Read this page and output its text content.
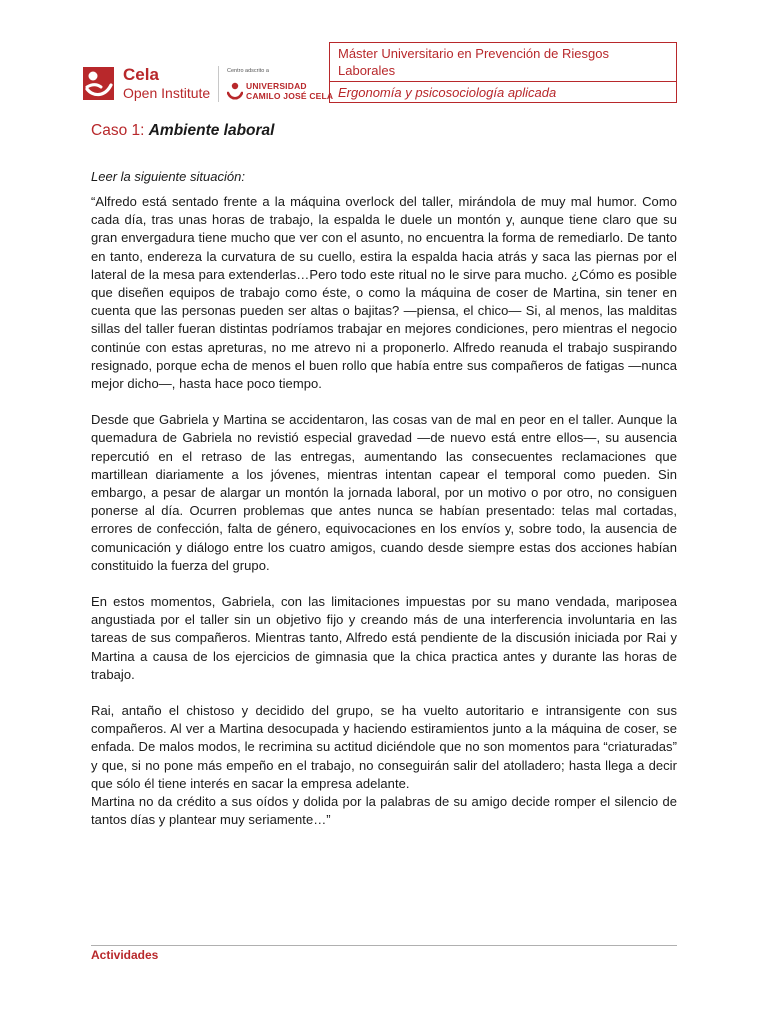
Cela
Open Institute
Centro adscrito a
UNIVERSIDAD
CAMILO JOSÉ CELA
Máster Universitario en Prevención de Riesgos Laborales
Ergonomía y psicosociología aplicada
Caso 1: Ambiente laboral
Leer la siguiente situación:

“Alfredo está sentado frente a la máquina overlock del taller, mirándola de muy mal humor. Como cada día, tras unas horas de trabajo, la espalda le duele un montón y, aunque tiene claro que su gran envergadura tiene mucho que ver con el asunto, no encuentra la forma de remediarlo. De tanto en tanto, endereza la curvatura de su cuello, estira la espalda hacia atrás y saca las piernas por el lateral de la mesa para extenderlas…Pero todo este ritual no le sirve para mucho. ¿Cómo es posible que diseñen equipos de trabajo como éste, o como la máquina de coser de Martina, sin tener en cuenta que las personas pueden ser altas o bajitas? —piensa, el chico— Si, al menos, las malditas sillas del taller fueran distintas podríamos trabajar en mejores condiciones, pero mientras el negocio continúe con estas apreturas, no me atrevo ni a proponerlo. Alfredo reanuda el trabajo suspirando resignado, porque echa de menos el buen rollo que había entre sus compañeros de fatigas —nunca mejor dicho—, hasta hace poco tiempo.

Desde que Gabriela y Martina se accidentaron, las cosas van de mal en peor en el taller. Aunque la quemadura de Gabriela no revistió especial gravedad —de nuevo está entre ellos—, su ausencia repercutió en el retraso de las entregas, aumentando las consecuentes reclamaciones que martillean diariamente a los jóvenes, mientras intentan capear el temporal como pueden. Sin embargo, a pesar de alargar un montón la jornada laboral, por un motivo o por otro, no consiguen ponerse al día. Ocurren problemas que antes nunca se habían presentado: telas mal cortadas, errores de confección, falta de género, equivocaciones en los envíos y, sobre todo, la ausencia de comunicación y diálogo entre los cuatro amigos, cuando desde siempre estas dos acciones habían constituido la fuerza del grupo.

En estos momentos, Gabriela, con las limitaciones impuestas por su mano vendada, mariposea angustiada por el taller sin un objetivo fijo y creando más de una interferencia involuntaria en las tareas de sus compañeros. Mientras tanto, Alfredo está pendiente de la discusión iniciada por Rai y Martina a causa de los ejercicios de gimnasia que la chica practica antes y durante las horas de trabajo.

Rai, antaño el chistoso y decidido del grupo, se ha vuelto autoritario e intransigente con sus compañeros. Al ver a Martina desocupada y haciendo estiramientos junto a la máquina de coser, se enfada. De malos modos, le recrimina su actitud diciéndole que no son momentos para “criaturadas” y que, si no pone más empeño en el trabajo, no conseguirán salir del atolladero; hasta llega a decir que sólo él tiene interés en sacar la empresa adelante.

Martina no da crédito a sus oídos y dolida por la palabras de su amigo decide romper el silencio de tantos días y plantear muy seriamente…”

Actividades
